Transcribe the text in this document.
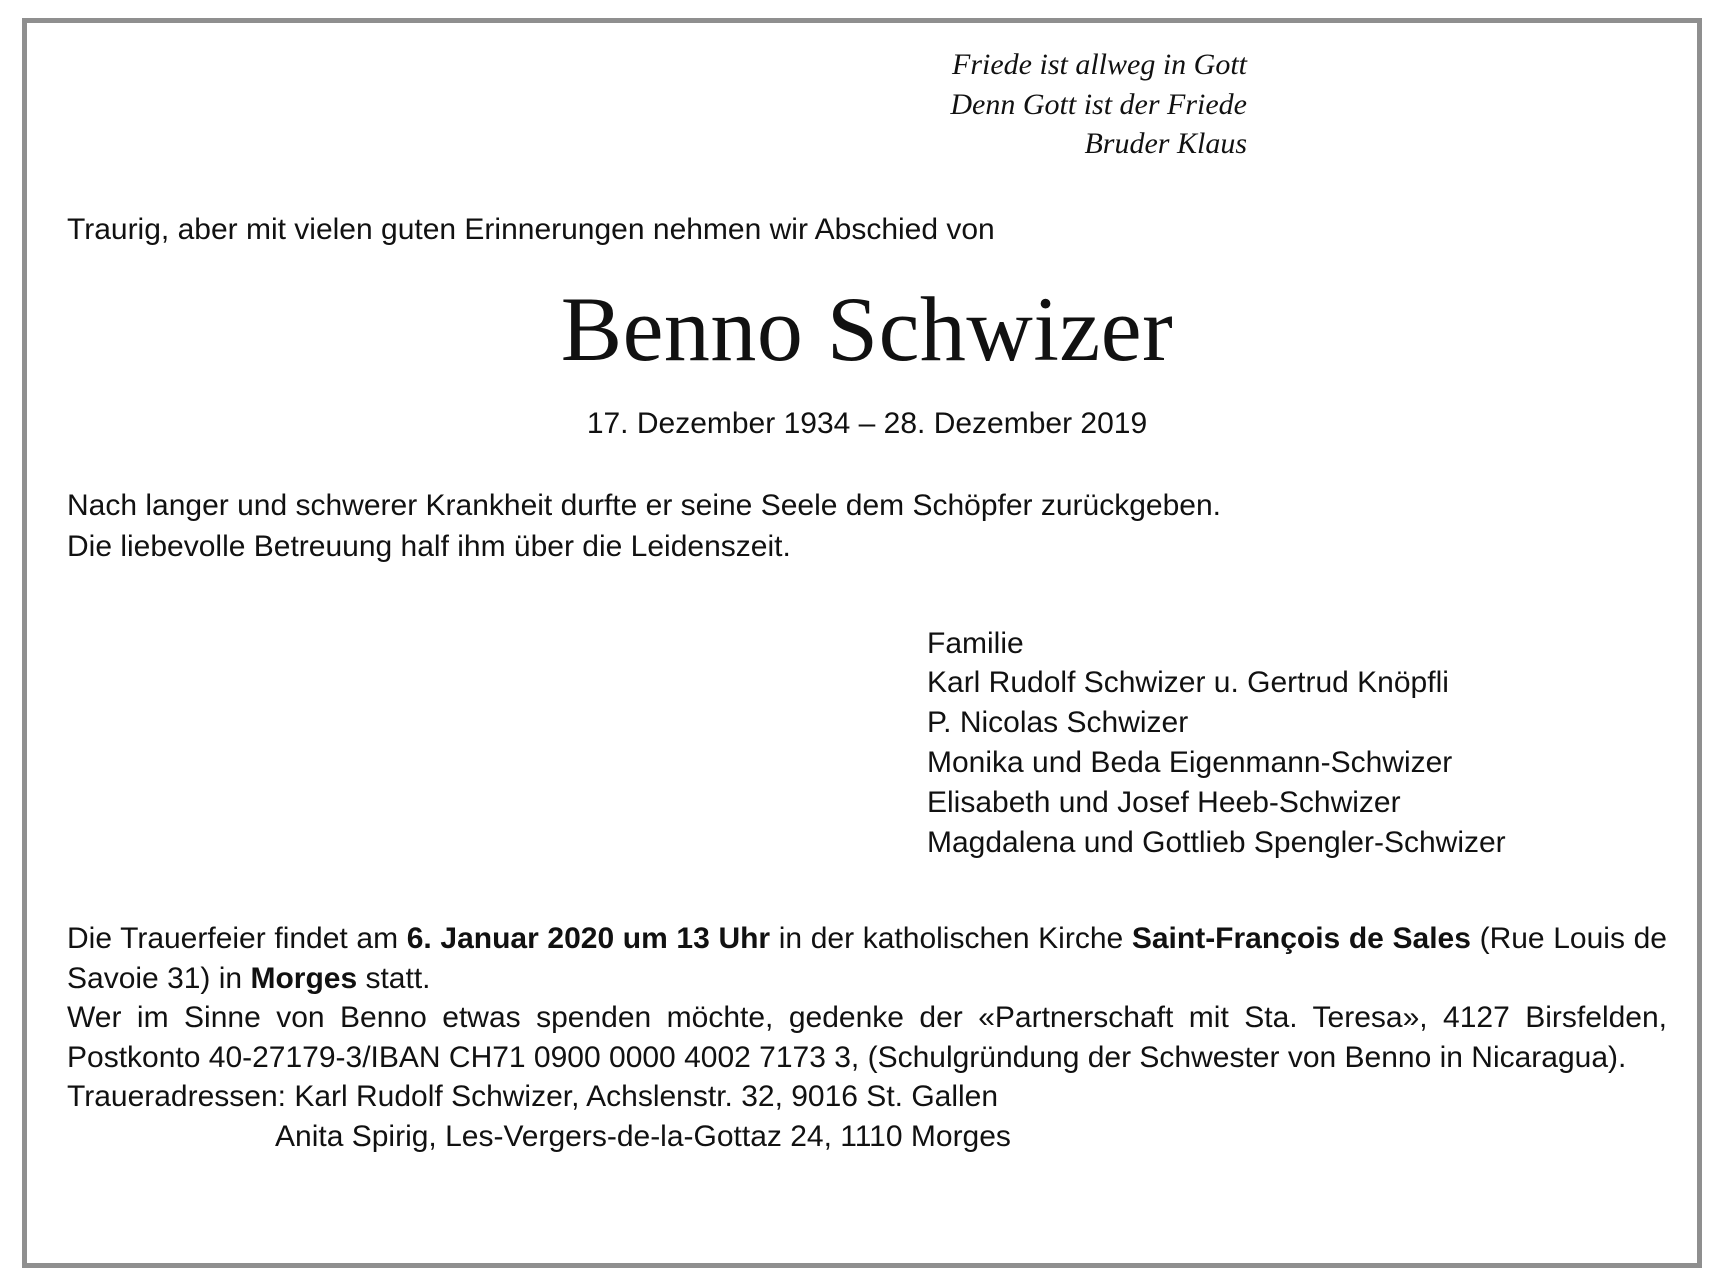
Friede ist allweg in Gott
Denn Gott ist der Friede
Bruder Klaus
Traurig, aber mit vielen guten Erinnerungen nehmen wir Abschied von
Benno Schwizer
17. Dezember 1934 – 28. Dezember 2019
Nach langer und schwerer Krankheit durfte er seine Seele dem Schöpfer zurückgeben.
Die liebevolle Betreuung half ihm über die Leidenszeit.
Familie
Karl Rudolf Schwizer u. Gertrud Knöpfli
P. Nicolas Schwizer
Monika und Beda Eigenmann-Schwizer
Elisabeth und Josef Heeb-Schwizer
Magdalena und Gottlieb Spengler-Schwizer

Die Trauerfeier findet am 6. Januar 2020 um 13 Uhr in der katholischen Kirche Saint-François de Sales (Rue Louis de Savoie 31) in Morges statt.

Wer im Sinne von Benno etwas spenden möchte, gedenke der «Partnerschaft mit Sta. Teresa», 4127 Birsfelden, Postkonto 40-27179-3/IBAN CH71 0900 0000 4002 7173 3, (Schulgründung der Schwester von Benno in Nicaragua).

Traueradressen: Karl Rudolf Schwizer, Achslenstr. 32, 9016 St. Gallen

Anita Spirig, Les-Vergers-de-la-Gottaz 24, 1110 Morges
